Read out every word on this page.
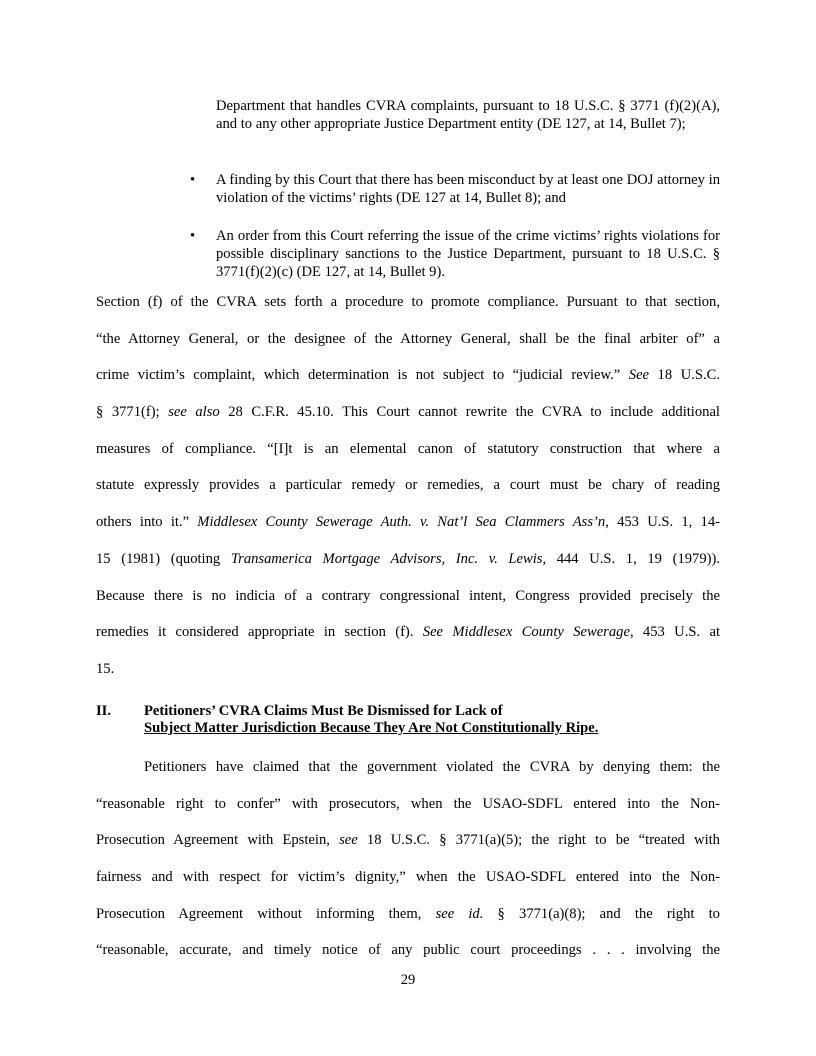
Department that handles CVRA complaints, pursuant to 18 U.S.C. § 3771 (f)(2)(A), and to any other appropriate Justice Department entity (DE 127, at 14, Bullet 7);
• A finding by this Court that there has been misconduct by at least one DOJ attorney in violation of the victims’ rights (DE 127 at 14, Bullet 8); and
• An order from this Court referring the issue of the crime victims’ rights violations for possible disciplinary sanctions to the Justice Department, pursuant to 18 U.S.C. § 3771(f)(2)(c) (DE 127, at 14, Bullet 9).
Section (f) of the CVRA sets forth a procedure to promote compliance. Pursuant to that section,
“the Attorney General, or the designee of the Attorney General, shall be the final arbiter of” a
crime victim’s complaint, which determination is not subject to “judicial review.” See 18 U.S.C.
§ 3771(f); see also 28 C.F.R. 45.10. This Court cannot rewrite the CVRA to include additional
measures of compliance. “[I]t is an elemental canon of statutory construction that where a
statute expressly provides a particular remedy or remedies, a court must be chary of reading
others into it.” Middlesex County Sewerage Auth. v. Nat’l Sea Clammers Ass’n, 453 U.S. 1, 14-
15 (1981) (quoting Transamerica Mortgage Advisors, Inc. v. Lewis, 444 U.S. 1, 19 (1979)).
Because there is no indicia of a contrary congressional intent, Congress provided precisely the
remedies it considered appropriate in section (f). See Middlesex County Sewerage, 453 U.S. at
15.
II. Petitioners’ CVRA Claims Must Be Dismissed for Lack of
Subject Matter Jurisdiction Because They Are Not Constitutionally Ripe.
Petitioners have claimed that the government violated the CVRA by denying them: the
“reasonable right to confer” with prosecutors, when the USAO-SDFL entered into the Non-
Prosecution Agreement with Epstein, see 18 U.S.C. § 3771(a)(5); the right to be “treated with
fairness and with respect for victim’s dignity,” when the USAO-SDFL entered into the Non-
Prosecution Agreement without informing them, see id. § 3771(a)(8); and the right to
“reasonable, accurate, and timely notice of any public court proceedings . . . involving the
29
